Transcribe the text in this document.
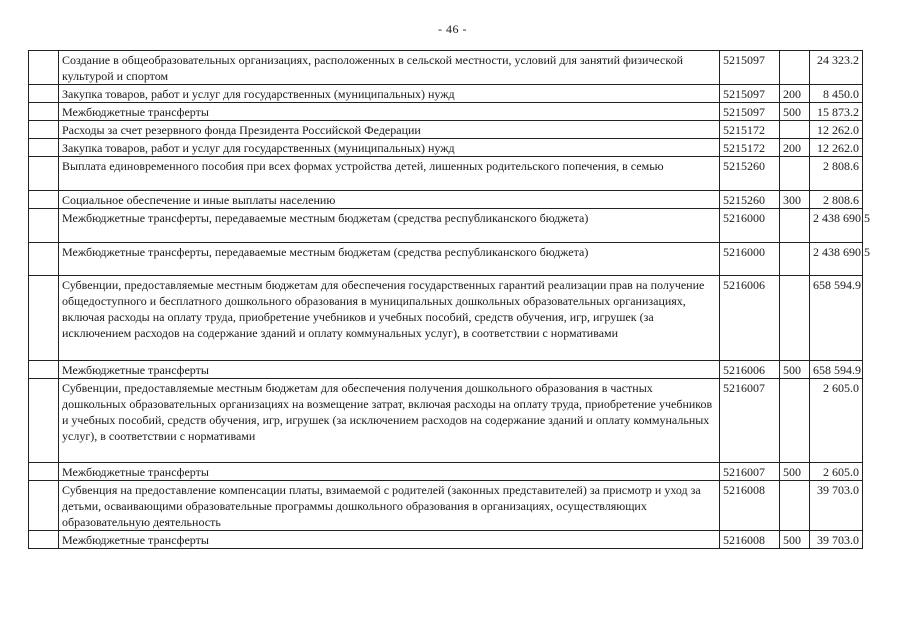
- 46 -
	Создание в общеобразовательных организациях, расположенных в сельской местности, условий для занятий физической культурой и спортом	5215097		24 323.2
	Закупка товаров, работ и услуг для государственных (муниципальных) нужд	5215097	200	8 450.0
	Межбюджетные трансферты	5215097	500	15 873.2
	Расходы за счет резервного фонда Президента Российской Федерации	5215172		12 262.0
	Закупка товаров, работ и услуг для государственных (муниципальных) нужд	5215172	200	12 262.0
	Выплата единовременного пособия при всех формах устройства детей, лишенных родительского попечения, в семью	5215260		2 808.6
	Социальное обеспечение и иные выплаты населению	5215260	300	2 808.6
	Межбюджетные трансферты, передаваемые местным бюджетам (средства республиканского бюджета)	5216000		2 438 690.5
	Межбюджетные трансферты, передаваемые местным бюджетам (средства республиканского бюджета)	5216000		2 438 690.5
	Субвенции, предоставляемые местным бюджетам для обеспечения государственных гарантий реализации прав на получение общедоступного и бесплатного дошкольного образования в муниципальных дошкольных образовательных организациях, включая расходы на оплату труда, приобретение учебников и учебных пособий, средств обучения, игр, игрушек (за исключением расходов на содержание зданий и оплату коммунальных услуг), в соответствии с нормативами	5216006		658 594.9
	Межбюджетные трансферты	5216006	500	658 594.9
	Субвенции, предоставляемые местным бюджетам для обеспечения получения дошкольного образования в частных дошкольных образовательных организациях на возмещение затрат, включая расходы на оплату труда, приобретение учебников и учебных пособий, средств обучения, игр, игрушек (за исключением расходов на содержание зданий и оплату коммунальных услуг), в соответствии с нормативами	5216007		2 605.0
	Межбюджетные трансферты	5216007	500	2 605.0
	Субвенция на предоставление компенсации платы, взимаемой с родителей (законных представителей) за присмотр и уход за детьми, осваивающими образовательные программы дошкольного образования в организациях, осуществляющих образовательную деятельность	5216008		39 703.0
	Межбюджетные трансферты	5216008	500	39 703.0
